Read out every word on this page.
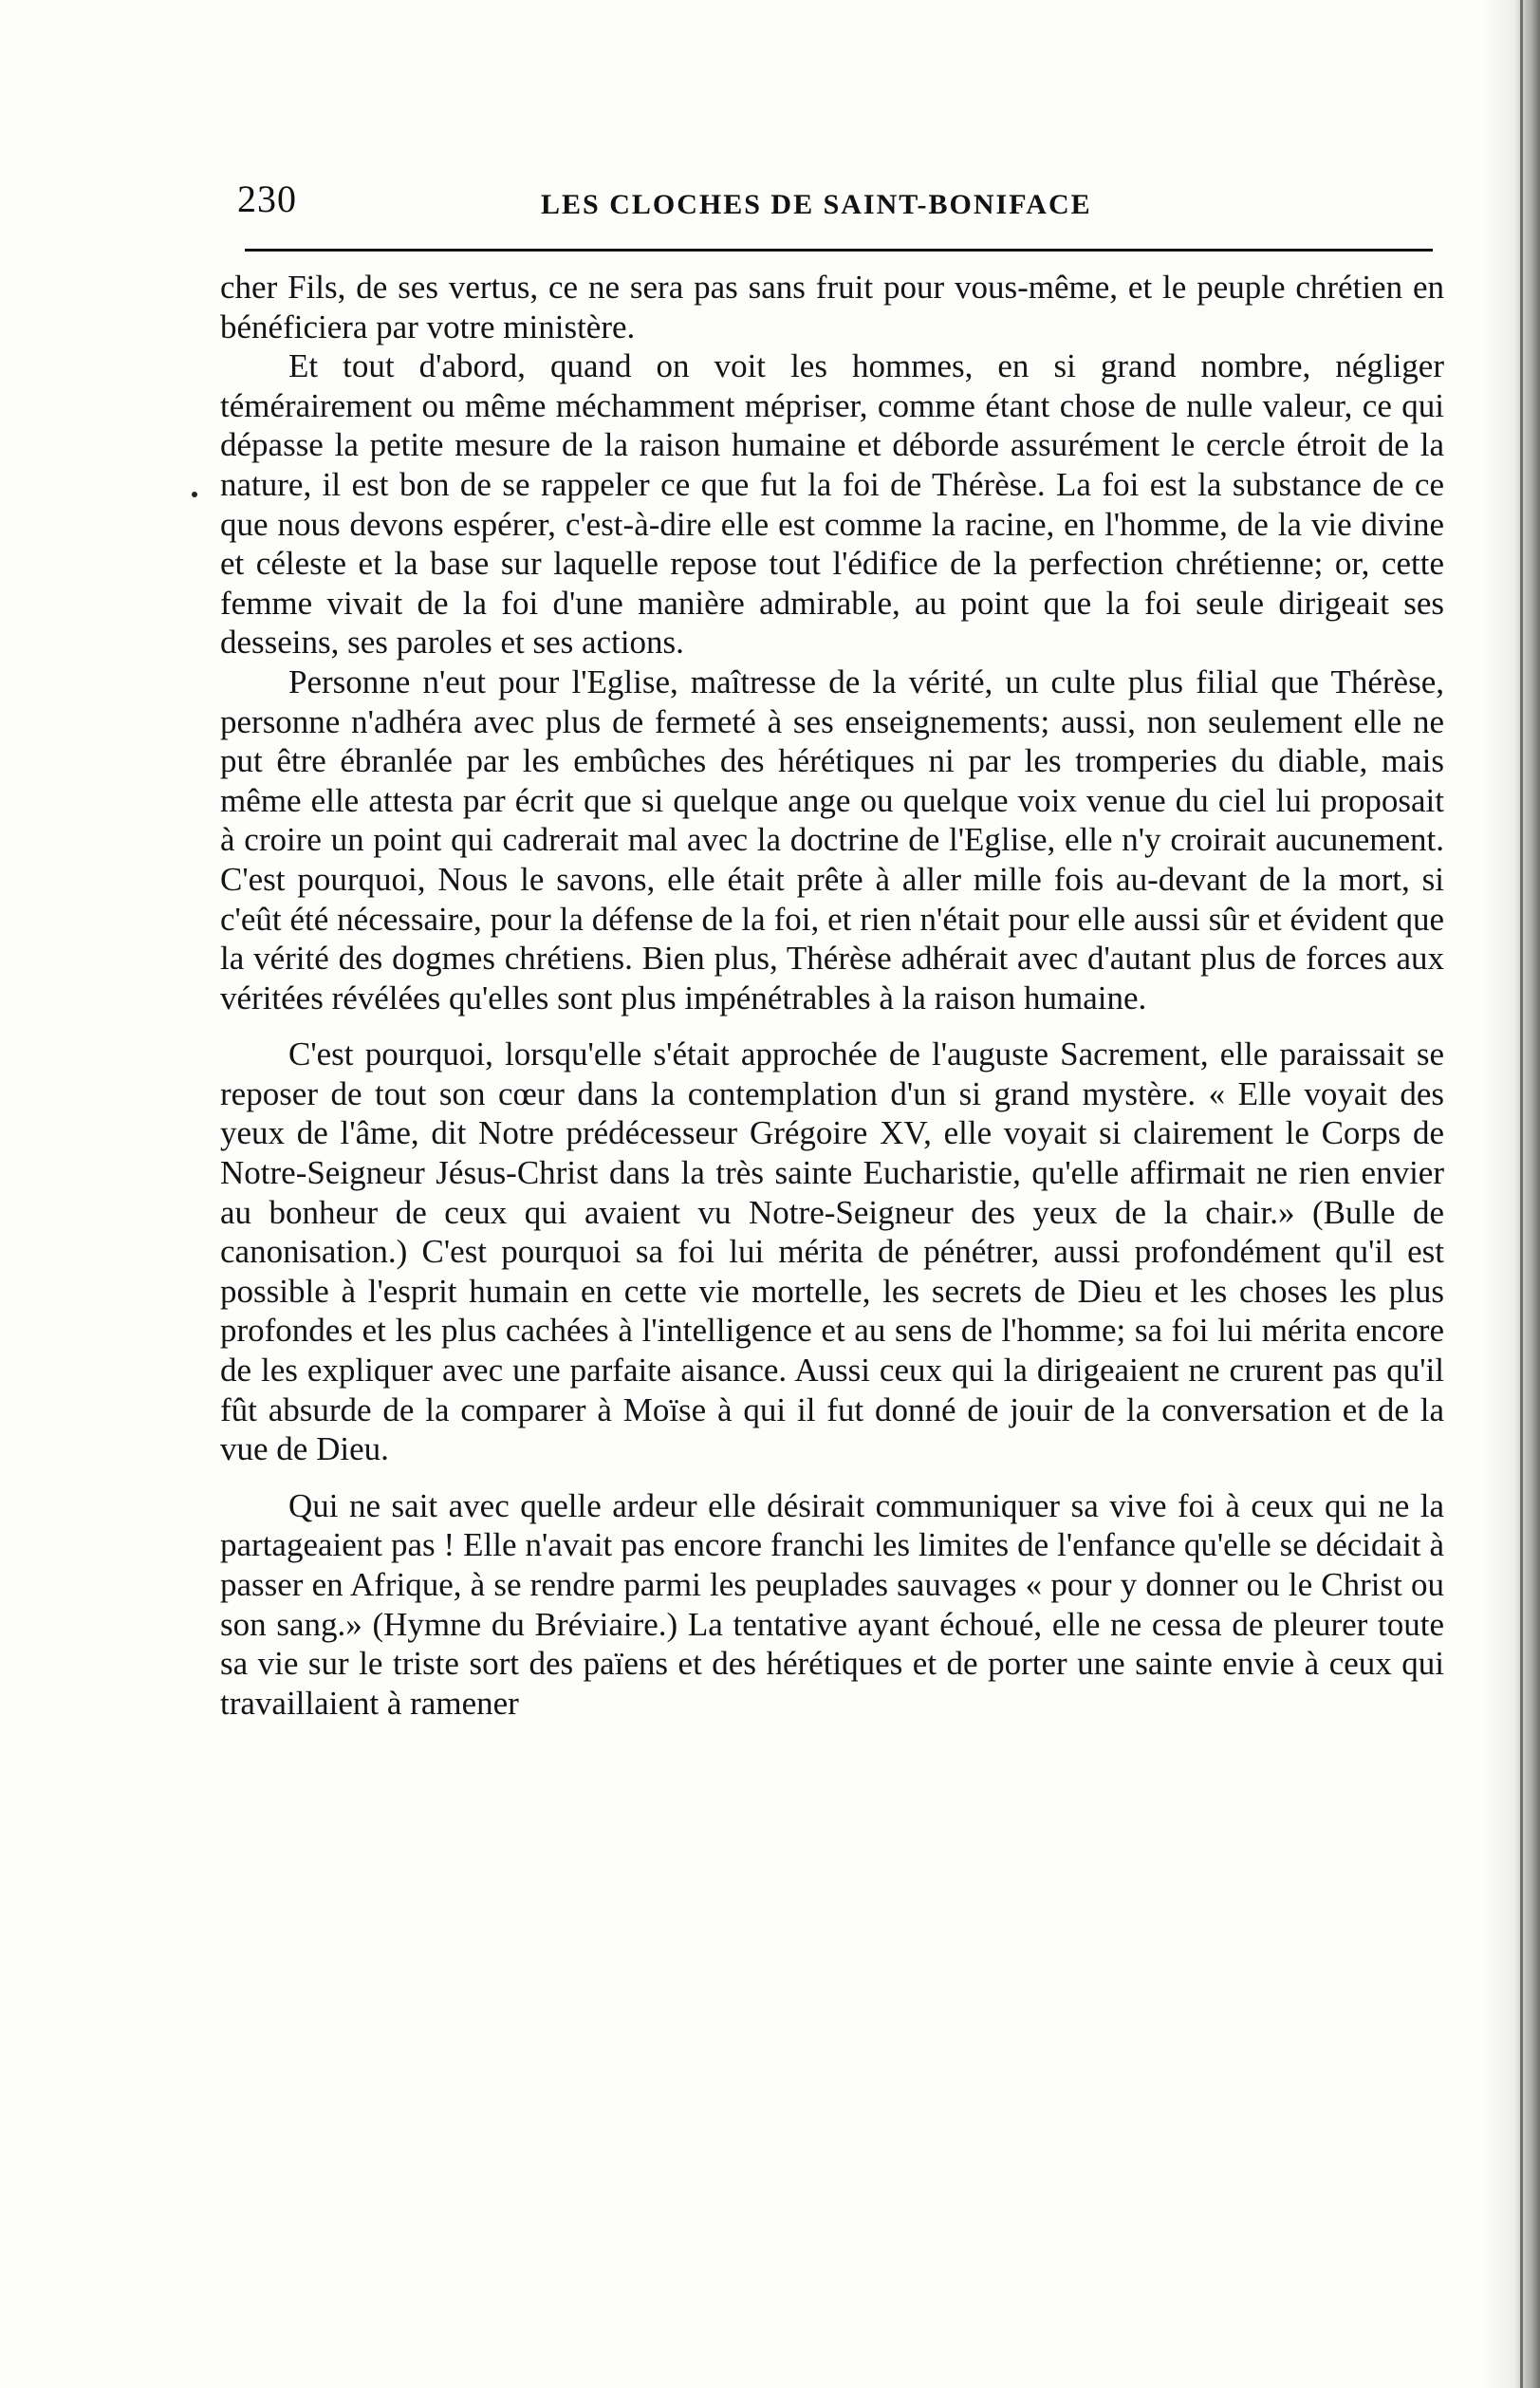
230	LES CLOCHES DE SAINT-BONIFACE

cher Fils, de ses vertus, ce ne sera pas sans fruit pour vous-même, et le peuple chrétien en bénéficiera par votre ministère.

Et tout d'abord, quand on voit les hommes, en si grand nombre, négliger témérairement ou même méchamment mépriser, comme étant chose de nulle valeur, ce qui dépasse la petite mesure de la raison humaine et déborde assurément le cercle étroit de la nature, il est bon de se rappeler ce que fut la foi de Thérèse. La foi est la substance de ce que nous devons espérer, c'est-à-dire elle est comme la racine, en l'homme, de la vie divine et céleste et la base sur laquelle repose tout l'édifice de la perfection chrétienne; or, cette femme vivait de la foi d'une manière admirable, au point que la foi seule dirigeait ses desseins, ses paroles et ses actions.

Personne n'eut pour l'Eglise, maîtresse de la vérité, un culte plus filial que Thérèse, personne n'adhéra avec plus de fermeté à ses enseignements; aussi, non seulement elle ne put être ébranlée par les embûches des hérétiques ni par les tromperies du diable, mais même elle attesta par écrit que si quelque ange ou quelque voix venue du ciel lui proposait à croire un point qui cadrerait mal avec la doctrine de l'Eglise, elle n'y croirait aucunement. C'est pourquoi, Nous le savons, elle était prête à aller mille fois au-devant de la mort, si c'eût été nécessaire, pour la défense de la foi, et rien n'était pour elle aussi sûr et évident que la vérité des dogmes chrétiens. Bien plus, Thérèse adhérait avec d'autant plus de forces aux véritées révélées qu'elles sont plus impénétrables à la raison humaine.

C'est pourquoi, lorsqu'elle s'était approchée de l'auguste Sacrement, elle paraissait se reposer de tout son cœur dans la contemplation d'un si grand mystère. « Elle voyait des yeux de l'âme, dit Notre prédécesseur Grégoire XV, elle voyait si clairement le Corps de Notre-Seigneur Jésus-Christ dans la très sainte Eucharistie, qu'elle affirmait ne rien envier au bonheur de ceux qui avaient vu Notre-Seigneur des yeux de la chair.» (Bulle de canonisation.) C'est pourquoi sa foi lui mérita de pénétrer, aussi profondément qu'il est possible à l'esprit humain en cette vie mortelle, les secrets de Dieu et les choses les plus profondes et les plus cachées à l'intelligence et au sens de l'homme; sa foi lui mérita encore de les expliquer avec une parfaite aisance. Aussi ceux qui la dirigeaient ne crurent pas qu'il fût absurde de la comparer à Moïse à qui il fut donné de jouir de la conversation et de la vue de Dieu.

Qui ne sait avec quelle ardeur elle désirait communiquer sa vive foi à ceux qui ne la partageaient pas ! Elle n'avait pas encore franchi les limites de l'enfance qu'elle se décidait à passer en Afrique, à se rendre parmi les peuplades sauvages « pour y donner ou le Christ ou son sang.» (Hymne du Bréviaire.) La tentative ayant échoué, elle ne cessa de pleurer toute sa vie sur le triste sort des païens et des hérétiques et de porter une sainte envie à ceux qui travaillaient à ramener
